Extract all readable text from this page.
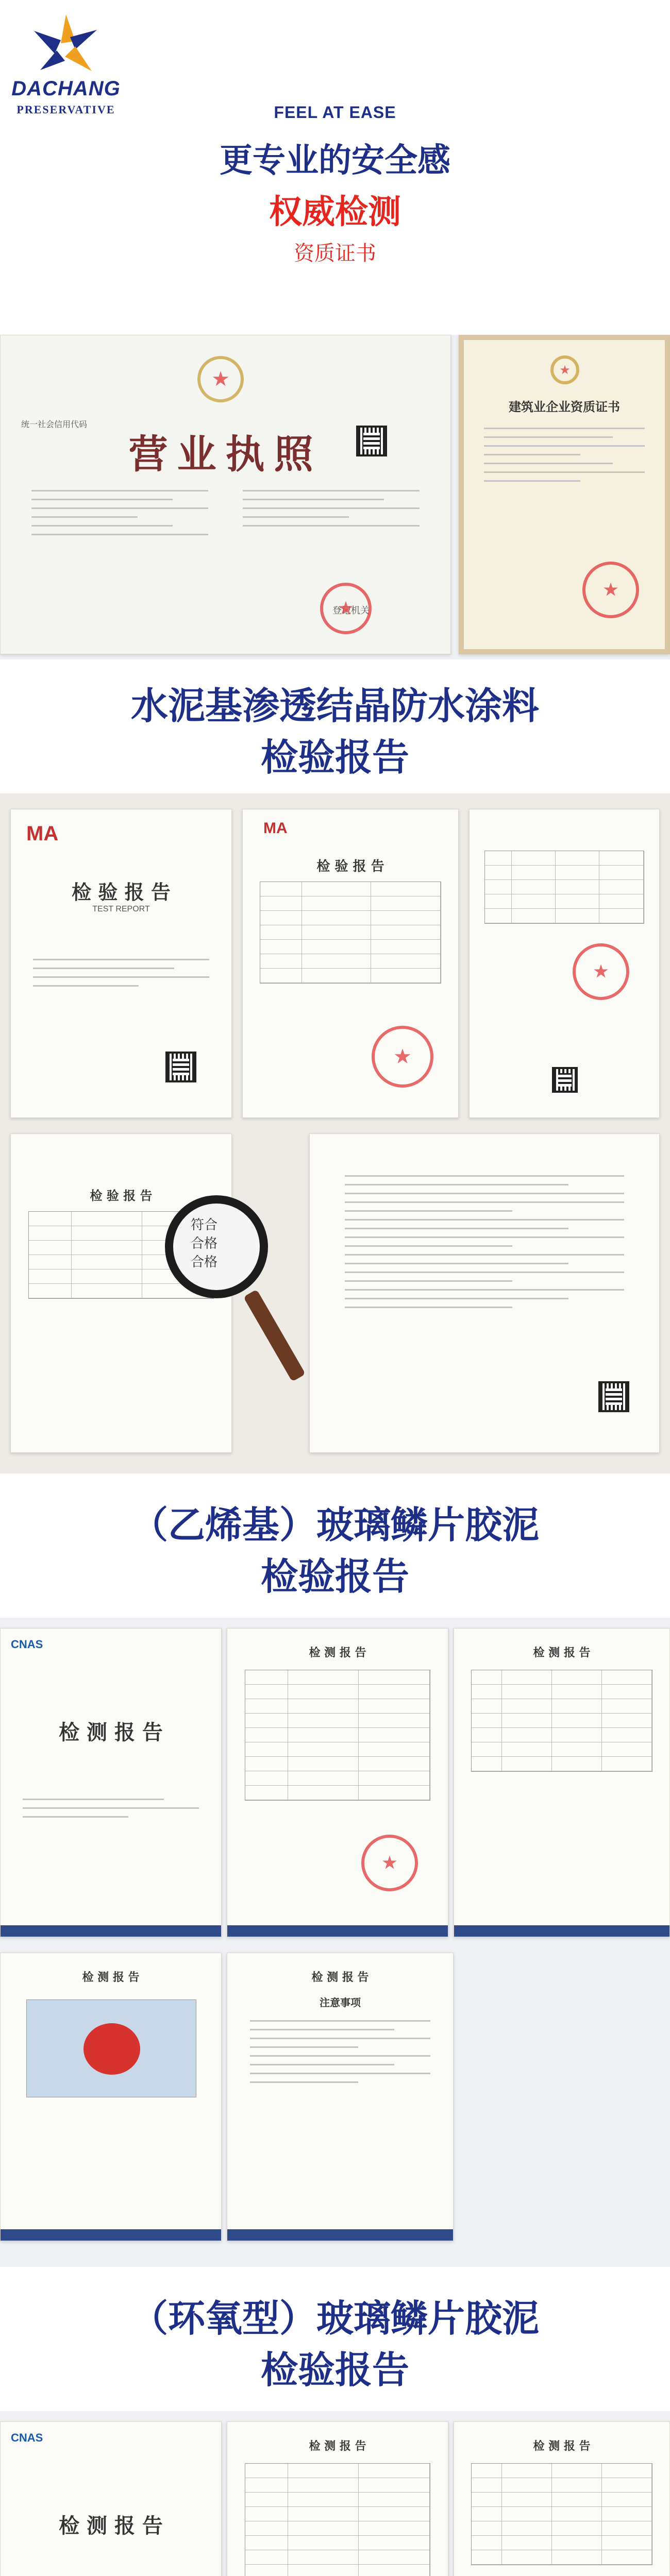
DACHANG
PRESERVATIVE	FEEL AT EASE
更专业的安全感
权威检测
资质证书
★
营业执照
统一社会信用代码
登记机关
★
★
建筑业企业资质证书
★
水泥基渗透结晶防水涂料
检验报告
MA
检 验 报 告
TEST REPORT
MA
检 验 报 告
★
★
检 验 报 告
符合
合格
合格
（乙烯基）玻璃鳞片胶泥
检验报告
CNAS
检 测 报 告
检 测 报 告
★	检 测 报 告
检 测 报 告	检 测 报 告
注意事项
（环氧型）玻璃鳞片胶泥
检验报告
CNAS
检 测 报 告
检 测 报 告	检 测 报 告
